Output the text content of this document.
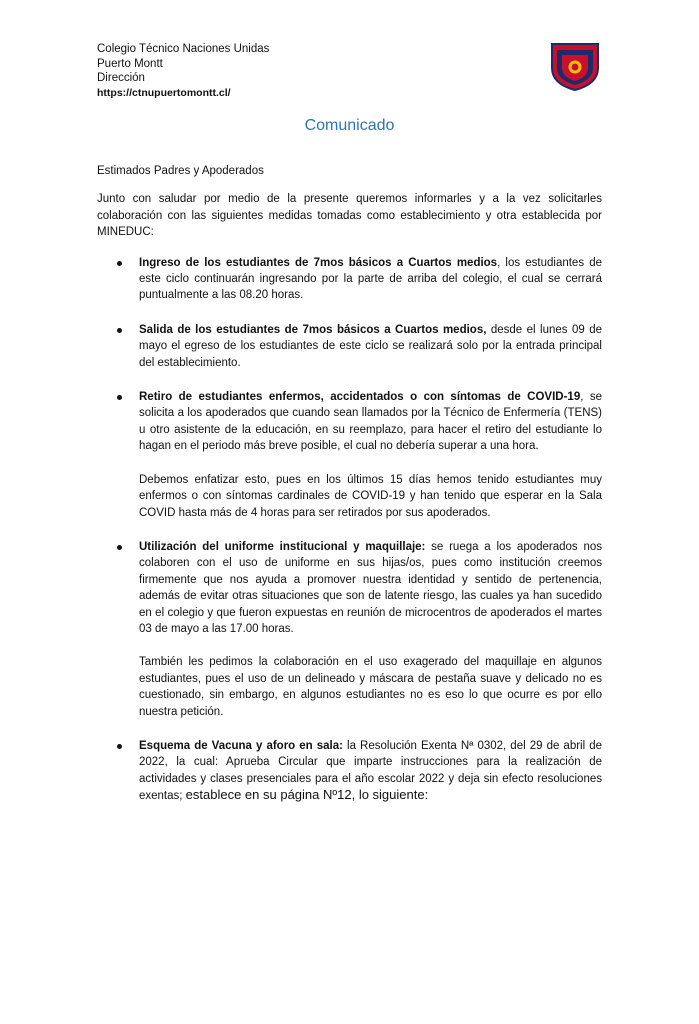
Colegio Técnico Naciones Unidas
Puerto Montt
Dirección
https://ctnupuertomontt.cl/
Comunicado

Estimados Padres y Apoderados

Junto con saludar por medio de la presente queremos informarles y a la vez solicitarles colaboración con las siguientes medidas tomadas como establecimiento y otra establecida por MINEDUC:

Ingreso de los estudiantes de 7mos básicos a Cuartos medios, los estudiantes de este ciclo continuarán ingresando por la parte de arriba del colegio, el cual se cerrará puntualmente a las 08.20 horas.

Salida de los estudiantes de 7mos básicos a Cuartos medios, desde el lunes 09 de mayo el egreso de los estudiantes de este ciclo se realizará solo por la entrada principal del establecimiento.

Retiro de estudiantes enfermos, accidentados o con síntomas de COVID-19, se solicita a los apoderados que cuando sean llamados por la Técnico de Enfermería (TENS) u otro asistente de la educación, en su reemplazo, para hacer el retiro del estudiante lo hagan en el periodo más breve posible, el cual no debería superar a una hora.

Debemos enfatizar esto, pues en los últimos 15 días hemos tenido estudiantes muy enfermos o con síntomas cardinales de COVID-19 y han tenido que esperar en la Sala COVID hasta más de 4 horas para ser retirados por sus apoderados.

Utilización del uniforme institucional y maquillaje: se ruega a los apoderados nos colaboren con el uso de uniforme en sus hijas/os, pues como institución creemos firmemente que nos ayuda a promover nuestra identidad y sentido de pertenencia, además de evitar otras situaciones que son de latente riesgo, las cuales ya han sucedido en el colegio y que fueron expuestas en reunión de microcentros de apoderados el martes 03 de mayo a las 17.00 horas.

También les pedimos la colaboración en el uso exagerado del maquillaje en algunos estudiantes, pues el uso de un delineado y máscara de pestaña suave y delicado no es cuestionado, sin embargo, en algunos estudiantes no es eso lo que ocurre es por ello nuestra petición.

Esquema de Vacuna y aforo en sala: la Resolución Exenta Nª 0302, del 29 de abril de 2022, la cual: Aprueba Circular que imparte instrucciones para la realización de actividades y clases presenciales para el año escolar 2022 y deja sin efecto resoluciones exentas; establece en su página Nº12, lo siguiente:
